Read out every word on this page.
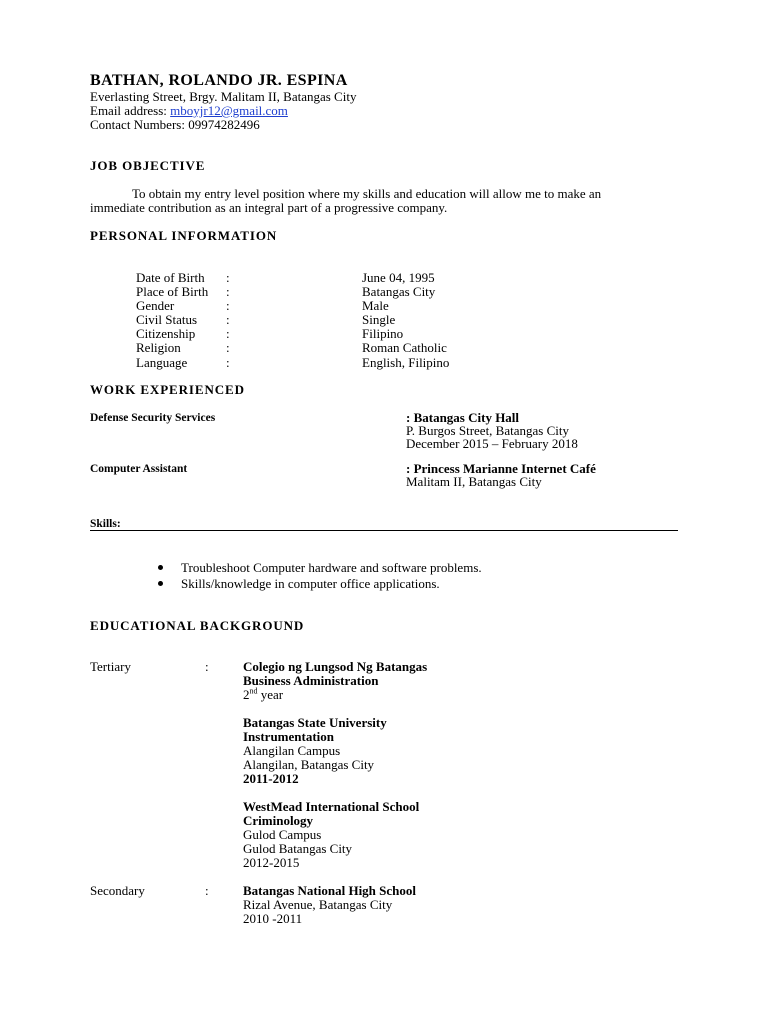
BATHAN, ROLANDO JR. ESPINA
Everlasting Street, Brgy. Malitam II, Batangas City
Email address: mboyjr12@gmail.com
Contact Numbers: 09974282496
JOB OBJECTIVE
To obtain my entry level position where my skills and education will allow me to make an
immediate contribution as an integral part of a progressive company.
PERSONAL INFORMATION
Date of Birth :	June 04, 1995
Place of Birth :	Batangas City
Gender	:	Male
Civil Status :	Single
Citizenship :	Filipino
Religion	:	Roman Catholic
Language	:	English, Filipino
WORK EXPERIENCED
Defense Security Services	: Batangas City Hall
P. Burgos Street, Batangas City
December 2015 – February 2018
Computer Assistant	: Princess Marianne Internet Café
Malitam II, Batangas City
Skills:
Troubleshoot Computer hardware and software problems.
Skills/knowledge in computer office applications.
EDUCATIONAL BACKGROUND
Tertiary	:	Colegio ng Lungsod Ng Batangas
Business Administration
2nd year
Batangas State University
Instrumentation
Alangilan Campus
Alangilan, Batangas City
2011-2012
WestMead International School
Criminology
Gulod Campus
Gulod Batangas City
2012-2015
Secondary	:	Batangas National High School
Rizal Avenue, Batangas City
2010 -2011
